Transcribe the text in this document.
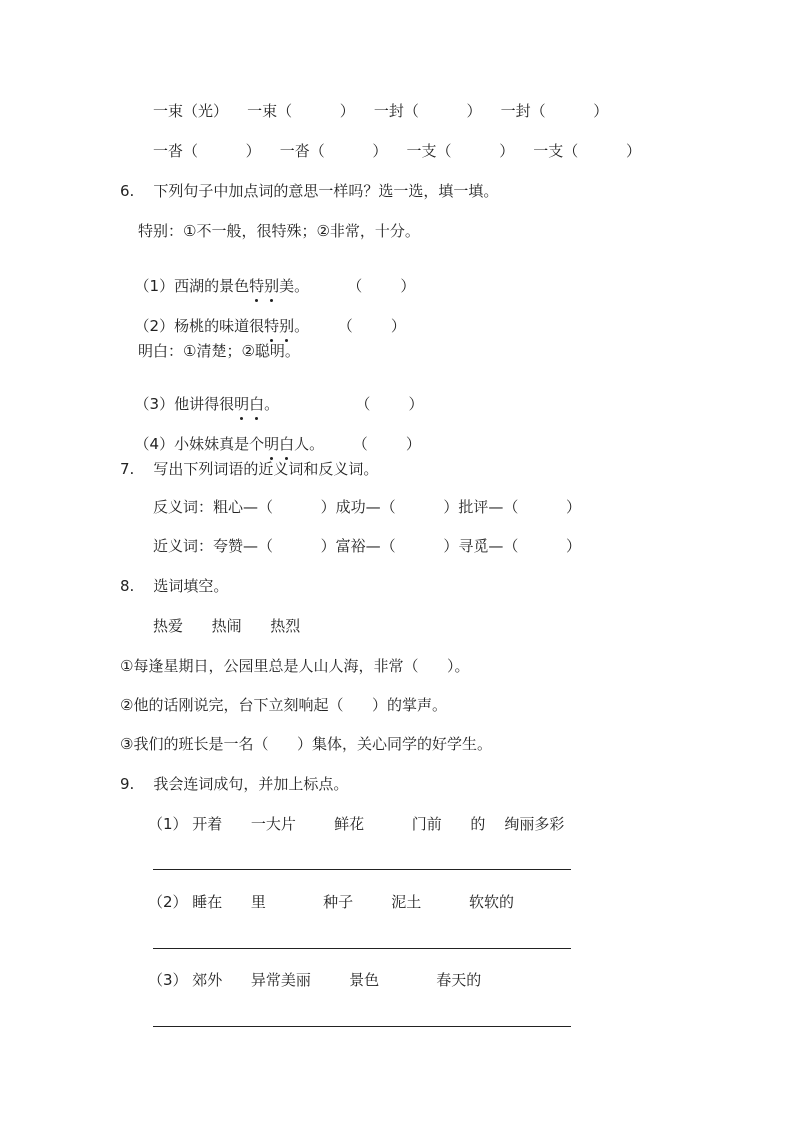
一束（光）    一束（          ）    一封（          ）    一封（          ）
一沓（          ）    一沓（          ）    一支（          ）    一支（          ）
6.    下列句子中加点词的意思一样吗？选一选，填一填。
特别：①不一般，很特殊；②非常，十分。

（1）西湖的景色特别美。        （        ）

（2）杨桃的味道很特别。      （        ）

明白：①清楚；②聪明。

（3）他讲得很明白。                （        ）

（4）小妹妹真是个明白人。      （        ）

7.    写出下列词语的近义词和反义词。
反义词：粗心—（          ）成功—（          ）批评—（          ）
近义词：夸赞—（          ）富裕—（          ）寻觅—（          ）
8.    选词填空。
热爱      热闹      热烈
①每逢星期日，公园里总是人山人海，非常（      ）。
②他的话刚说完，台下立刻响起（      ）的掌声。
③我们的班长是一名（      ）集体，关心同学的好学生。
9.    我会连词成句，并加上标点。
（1） 开着      一大片        鲜花          门前      的    绚丽多彩
（2） 睡在      里            种子        泥土          软软的
（3） 郊外      异常美丽        景色            春天的
